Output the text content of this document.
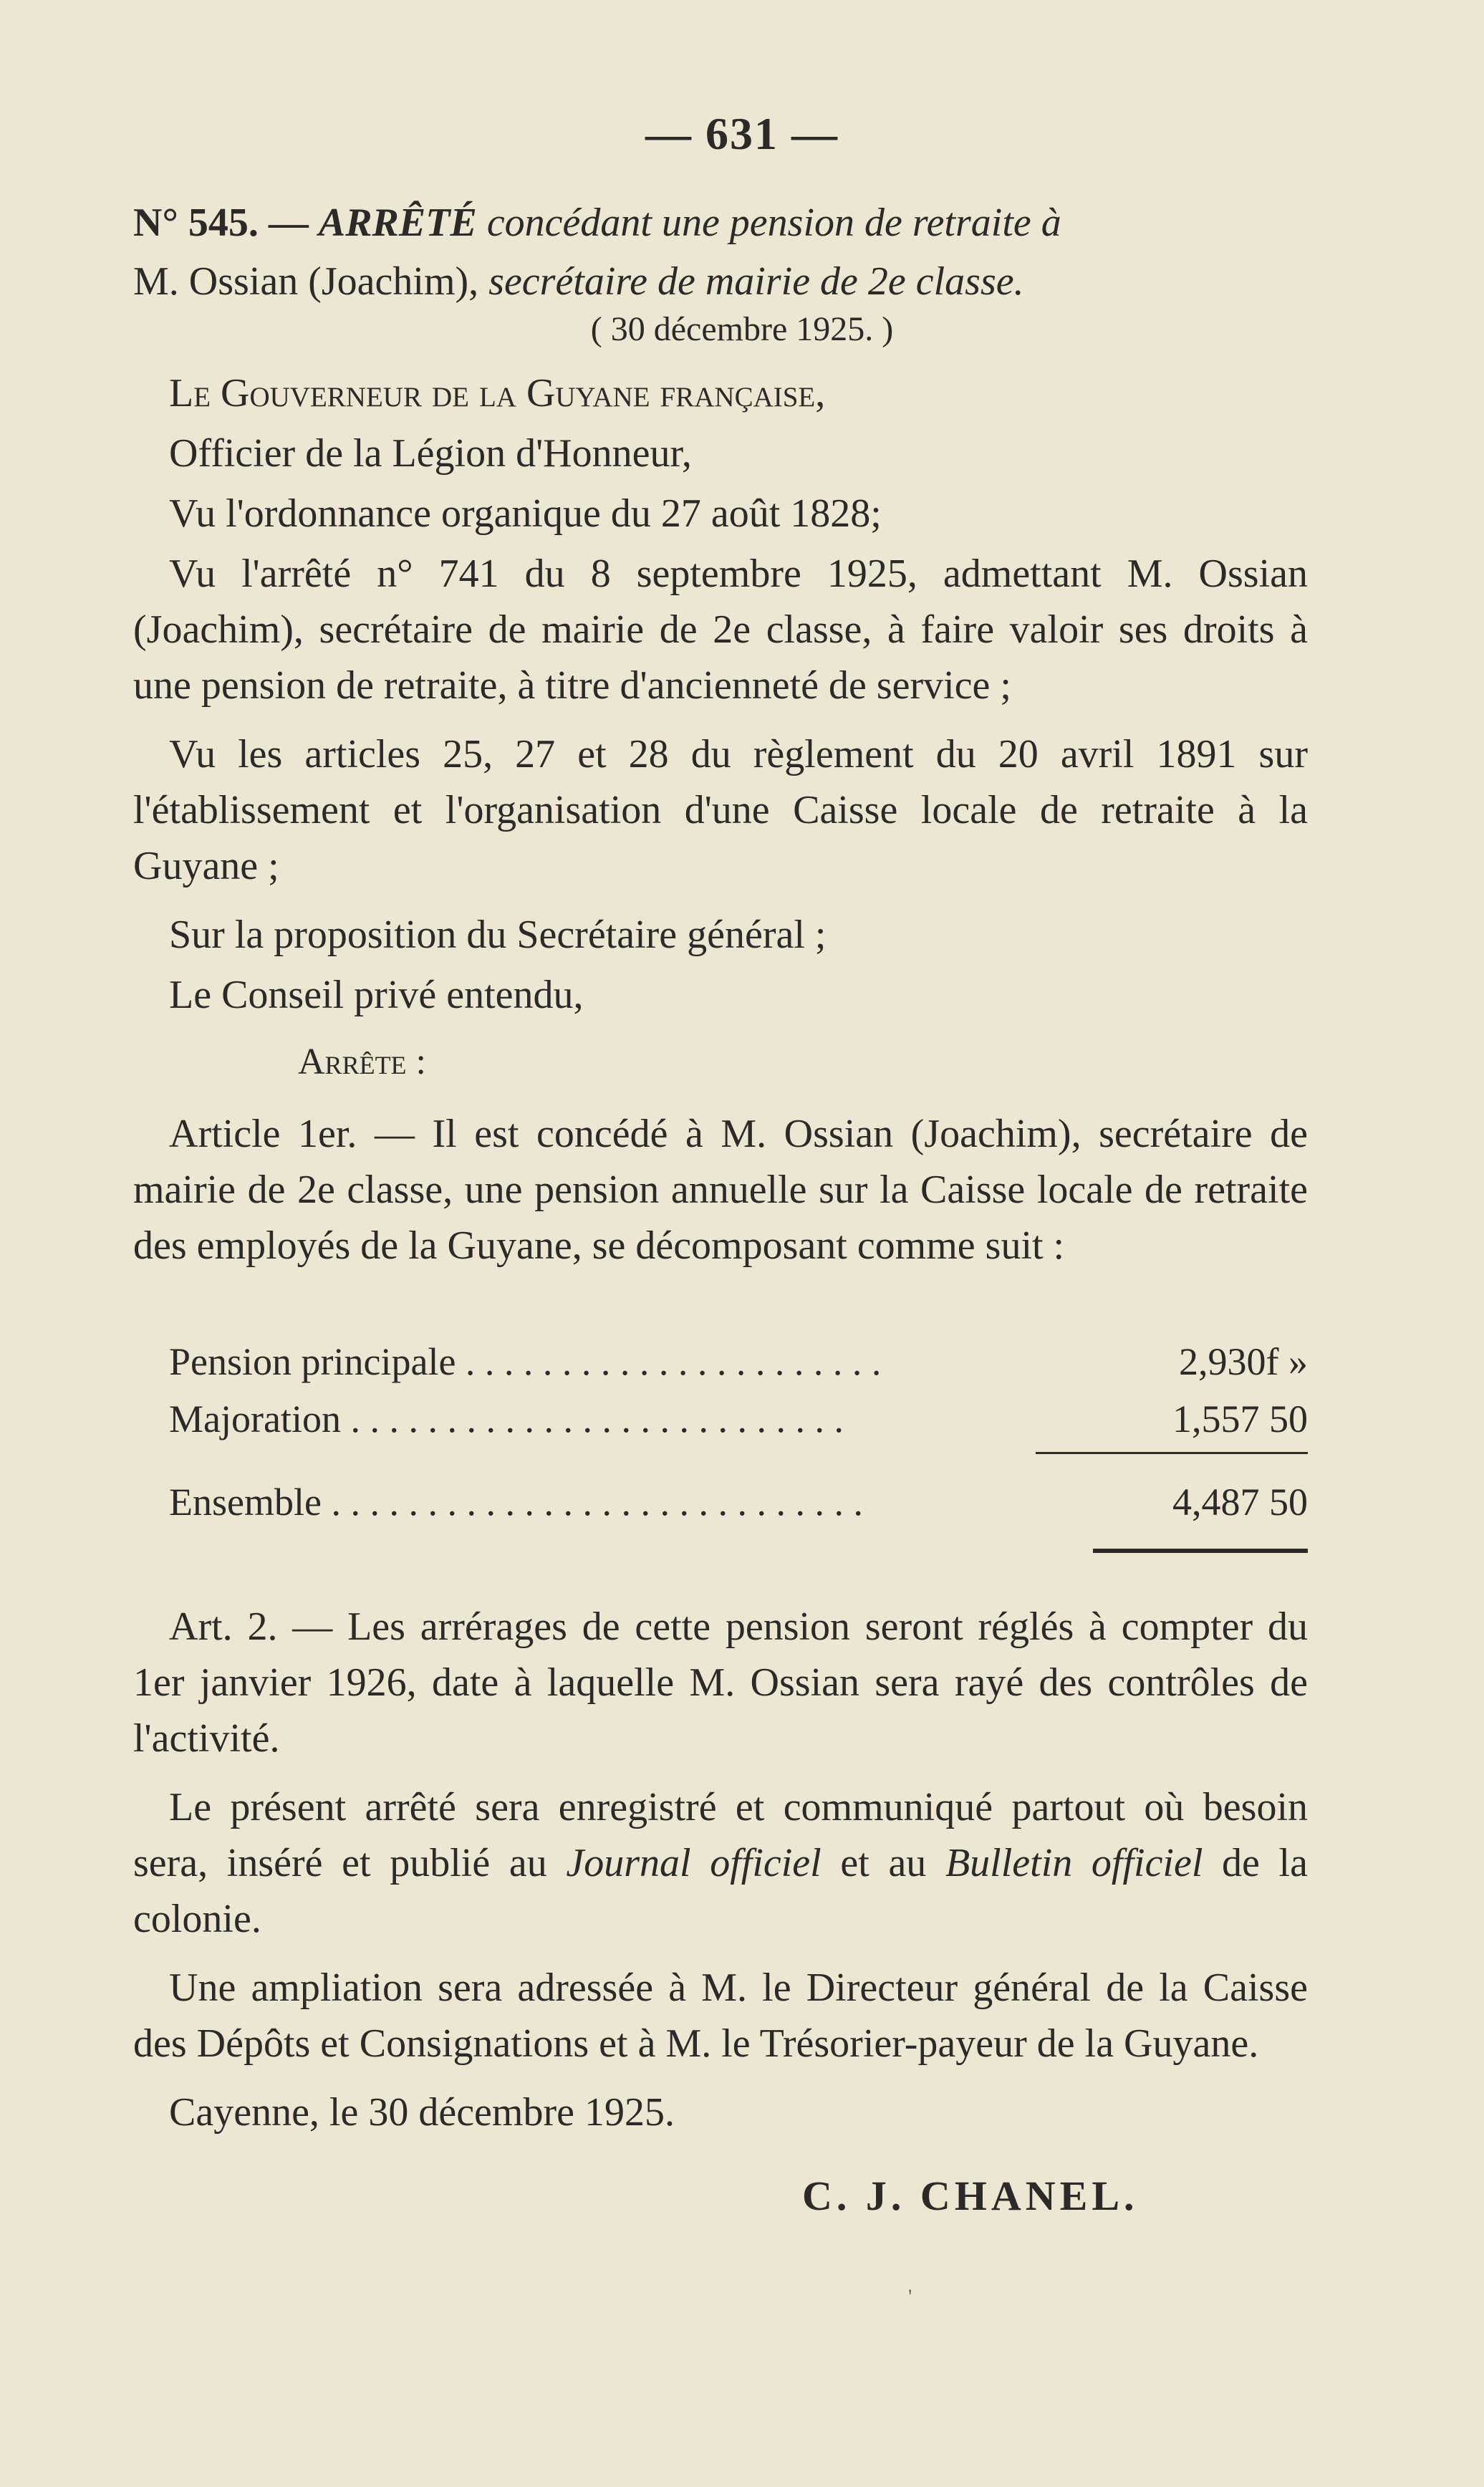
— 631 —
N° 545. — ARRÊTÉ concédant une pension de retraite à
M. Ossian (Joachim), secrétaire de mairie de 2e classe.
( 30 décembre 1925. )

Le Gouverneur de la Guyane française,

Officier de la Légion d'Honneur,

Vu l'ordonnance organique du 27 août 1828;

Vu l'arrêté n° 741 du 8 septembre 1925, admettant M. Ossian (Joachim), secrétaire de mairie de 2e classe, à faire valoir ses droits à une pension de retraite, à titre d'ancienneté de service ;

Vu les articles 25, 27 et 28 du règlement du 20 avril 1891 sur l'établissement et l'organisation d'une Caisse locale de retraite à la Guyane ;

Sur la proposition du Secrétaire général ;

Le Conseil privé entendu,

Arrête :

Article 1er. — Il est concédé à M. Ossian (Joachim), secrétaire de mairie de 2e classe, une pension annuelle sur la Caisse locale de retraite des employés de la Guyane, se décomposant comme suit :

Pension principale . . . . . . . . . . . . . . . . . . . . . .	2,930f »
Majoration . . . . . . . . . . . . . . . . . . . . . . . . . .	1,557 50
Ensemble . . . . . . . . . . . . . . . . . . . . . . . . . . . .	4,487 50

Art. 2. — Les arrérages de cette pension seront réglés à compter du 1er janvier 1926, date à laquelle M. Ossian sera rayé des contrôles de l'activité.

Le présent arrêté sera enregistré et communiqué partout où besoin sera, inséré et publié au Journal officiel et au Bulletin officiel de la colonie.

Une ampliation sera adressée à M. le Directeur général de la Caisse des Dépôts et Consignations et à M. le Trésorier-payeur de la Guyane.

Cayenne, le 30 décembre 1925.

C. J. CHANEL.
'
